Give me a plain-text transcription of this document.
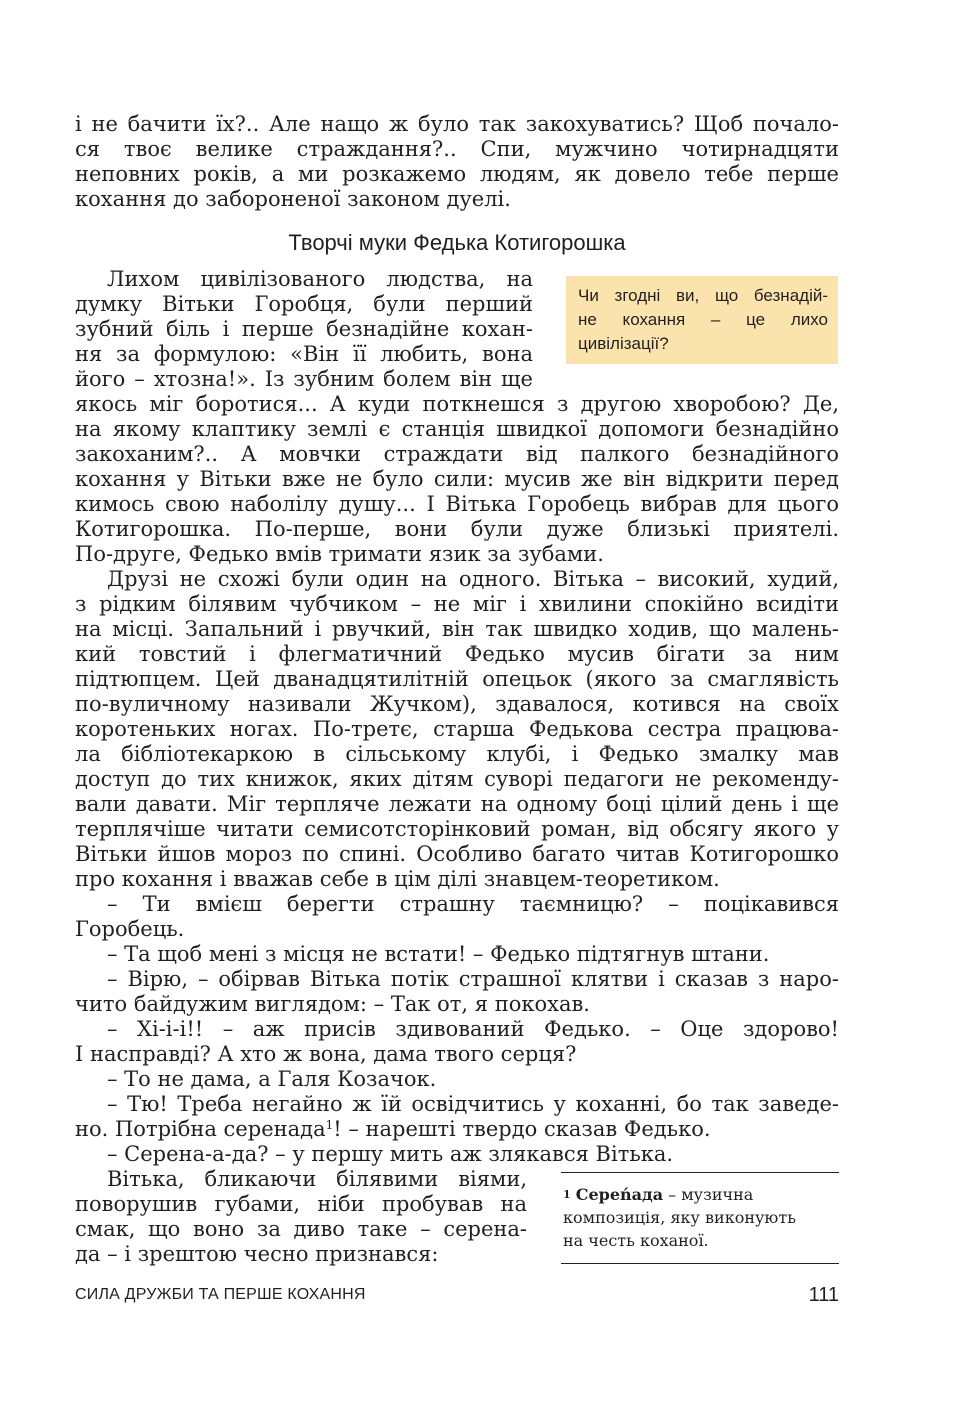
і не бачити їх?.. Але нащо ж було так закохуватись? Щоб почало-
ся твоє велике страждання?.. Спи, мужчино чотирнадцяти
неповних років, а ми розкажемо людям, як довело тебе перше
кохання до забороненої законом дуелі.
Творчі муки Федька Котигорошка
Чи згодні ви, що безнадій-
не кохання – це лихо
цивілізації?
Лихом цивілізованого людства, на
думку Вітьки Горобця, були перший
зубний біль і перше безнадійне кохан-
ня за формулою: «Він її любить, вона
його – хтозна!». Із зубним болем він ще
якось міг боротися... А куди поткнешся з другою хворобою? Де,
на якому клаптику землі є станція швидкої допомоги безнадійно
закоханим?.. А мовчки страждати від палкого безнадійного
кохання у Вітьки вже не було сили: мусив же він відкрити перед
кимось свою наболілу душу... І Вітька Горобець вибрав для цього
Котигорошка. По-перше, вони були дуже близькі приятелі.
По-друге, Федько вмів тримати язик за зубами.
Друзі не схожі були один на одного. Вітька – високий, худий,
з рідким білявим чубчиком – не міг і хвилини спокійно всидіти
на місці. Запальний і рвучкий, він так швидко ходив, що малень-
кий товстий і флегматичний Федько мусив бігати за ним
підтюпцем. Цей дванадцятилітній опецьок (якого за смаглявість
по-вуличному називали Жучком), здавалося, котився на своїх
коротеньких ногах. По-третє, старша Федькова сестра працюва-
ла бібліотекаркою в сільському клубі, і Федько змалку мав
доступ до тих книжок, яких дітям суворі педагоги не рекоменду-
вали давати. Міг терпляче лежати на одному боці цілий день і ще
терплячіше читати семисотсторінковий роман, від обсягу якого у
Вітьки йшов мороз по спині. Особливо багато читав Котигорошко
про кохання і вважав себе в цім ділі знавцем-теоретиком.
– Ти вмієш берегти страшну таємницю? – поцікавився
Горобець.
– Та щоб мені з місця не встати! – Федько підтягнув штани.
– Вірю, – обірвав Вітька потік страшної клятви і сказав з наро-
чито байдужим виглядом: – Так от, я покохав.
– Хі-і-і!! – аж присів здивований Федько. – Оце здорово!
І насправді? А хто ж вона, дама твого серця?
– То не дама, а Галя Козачок.
– Тю! Треба негайно ж їй освідчитись у коханні, бо так заведе-
но. Потрібна серенада$^1$! – нарешті твердо сказав Федько.
– Серена-а-да? – у першу мить аж злякався Вітька.
Вітька, бликаючи білявими віями,
поворушив губами, ніби пробував на
смак, що воно за диво таке – серена-
да – і зрештою чесно признався:
$^1$ Сереńада – музична
композиція, яку виконують
на честь коханої.
СИЛА ДРУЖБИ ТА ПЕРШЕ КОХАННЯ	111
